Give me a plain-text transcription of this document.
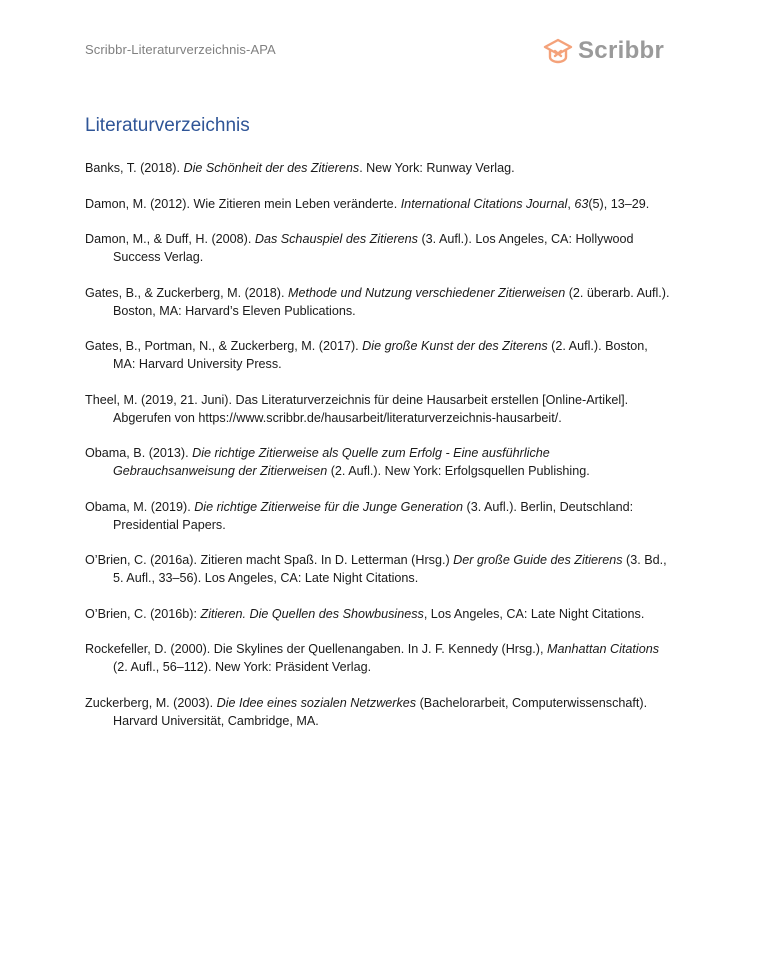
Scribbr-Literaturverzeichnis-APA	Scribbr
Literaturverzeichnis
Banks, T. (2018). Die Schönheit der des Zitierens. New York: Runway Verlag.
Damon, M. (2012). Wie Zitieren mein Leben veränderte. International Citations Journal, 63(5), 13–29.
Damon, M., & Duff, H. (2008). Das Schauspiel des Zitierens (3. Aufl.). Los Angeles, CA: Hollywood Success Verlag.
Gates, B., & Zuckerberg, M. (2018). Methode und Nutzung verschiedener Zitierweisen (2. überarb. Aufl.). Boston, MA: Harvard’s Eleven Publications.
Gates, B., Portman, N., & Zuckerberg, M. (2017). Die große Kunst der des Ziterens (2. Aufl.). Boston, MA: Harvard University Press.
Theel, M. (2019, 21. Juni). Das Literaturverzeichnis für deine Hausarbeit erstellen [Online-Artikel]. Abgerufen von https://www.scribbr.de/hausarbeit/literaturverzeichnis-hausarbeit/.
Obama, B. (2013). Die richtige Zitierweise als Quelle zum Erfolg - Eine ausführliche Gebrauchsanweisung der Zitierweisen (2. Aufl.). New York: Erfolgsquellen Publishing.
Obama, M. (2019). Die richtige Zitierweise für die Junge Generation (3. Aufl.). Berlin, Deutschland: Presidential Papers.
O’Brien, C. (2016a). Zitieren macht Spaß. In D. Letterman (Hrsg.) Der große Guide des Zitierens (3. Bd., 5. Aufl., 33–56). Los Angeles, CA: Late Night Citations.
O’Brien, C. (2016b): Zitieren. Die Quellen des Showbusiness, Los Angeles, CA: Late Night Citations.
Rockefeller, D. (2000). Die Skylines der Quellenangaben. In J. F. Kennedy (Hrsg.), Manhattan Citations (2. Aufl., 56–112). New York: Präsident Verlag.
Zuckerberg, M. (2003). Die Idee eines sozialen Netzwerkes (Bachelorarbeit, Computerwissenschaft). Harvard Universität, Cambridge, MA.
